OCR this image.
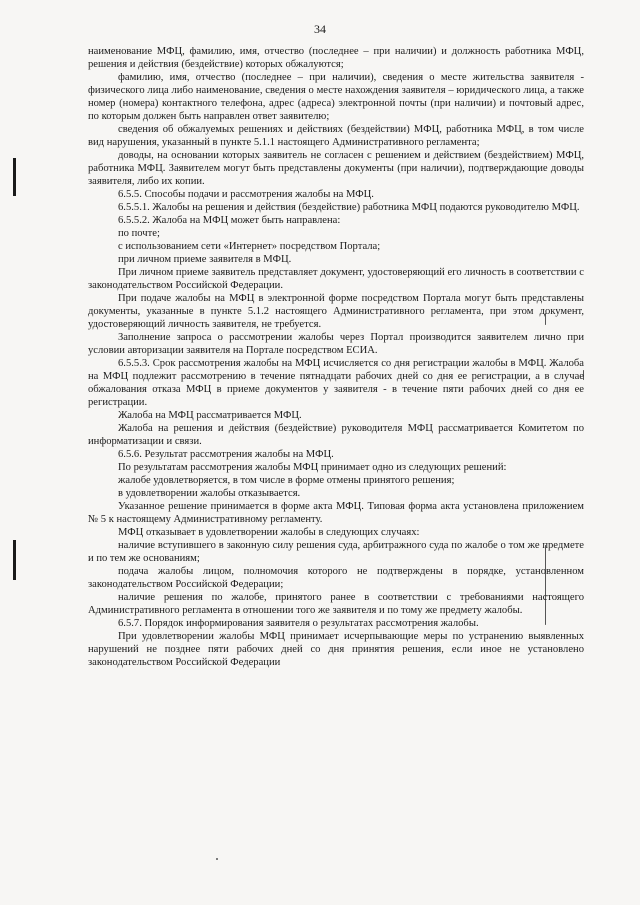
34

наименование МФЦ, фамилию, имя, отчество (последнее – при наличии) и должность работника МФЦ, решения и действия (бездействие) которых обжалуются;

фамилию, имя, отчество (последнее – при наличии), сведения о месте жительства заявителя - физического лица либо наименование, сведения о месте нахождения заявителя – юридического лица, а также номер (номера) контактного телефона, адрес (адреса) электронной почты (при наличии) и почтовый адрес, по которым должен быть направлен ответ заявителю;

сведения об обжалуемых решениях и действиях (бездействии) МФЦ, работника МФЦ, в том числе вид нарушения, указанный в пункте 5.1.1 настоящего Административного регламента;

доводы, на основании которых заявитель не согласен с решением и действием (бездействием) МФЦ, работника МФЦ. Заявителем могут быть представлены документы (при наличии), подтверждающие доводы заявителя, либо их копии.

6.5.5. Способы подачи и рассмотрения жалобы на МФЦ.

6.5.5.1. Жалобы на решения и действия (бездействие) работника МФЦ подаются руководителю МФЦ.

6.5.5.2. Жалоба на МФЦ может быть направлена:

по почте;

с использованием сети «Интернет» посредством Портала;

при личном приеме заявителя в МФЦ.

При личном приеме заявитель представляет документ, удостоверяющий его личность в соответствии с законодательством Российской Федерации.

При подаче жалобы на МФЦ в электронной форме посредством Портала могут быть представлены документы, указанные в пункте 5.1.2 настоящего Административного регламента, при этом документ, удостоверяющий личность заявителя, не требуется.

Заполнение запроса о рассмотрении жалобы через Портал производится заявителем лично при условии авторизации заявителя на Портале посредством ЕСИА.

6.5.5.3. Срок рассмотрения жалобы на МФЦ исчисляется со дня регистрации жалобы в МФЦ. Жалоба на МФЦ подлежит рассмотрению в течение пятнадцати рабочих дней со дня ее регистрации, а в случае обжалования отказа МФЦ в приеме документов у заявителя - в течение пяти рабочих дней со дня ее регистрации.

Жалоба на МФЦ рассматривается МФЦ.

Жалоба на решения и действия (бездействие) руководителя МФЦ рассматривается Комитетом по информатизации и связи.

6.5.6. Результат рассмотрения жалобы на МФЦ.

По результатам рассмотрения жалобы МФЦ принимает одно из следующих решений:

жалобе удовлетворяется, в том числе в форме отмены принятого решения;

в удовлетворении жалобы отказывается.

Указанное решение принимается в форме акта МФЦ. Типовая форма акта установлена приложением № 5 к настоящему Административному регламенту.

МФЦ отказывает в удовлетворении жалобы в следующих случаях:

наличие вступившего в законную силу решения суда, арбитражного суда по жалобе о том же предмете и по тем же основаниям;

подача жалобы лицом, полномочия которого не подтверждены в порядке, установленном законодательством Российской Федерации;

наличие решения по жалобе, принятого ранее в соответствии с требованиями настоящего Административного регламента в отношении того же заявителя и по тому же предмету жалобы.

6.5.7. Порядок информирования заявителя о результатах рассмотрения жалобы.

При удовлетворении жалобы МФЦ принимает исчерпывающие меры по устранению выявленных нарушений не позднее пяти рабочих дней со дня принятия решения, если иное не установлено законодательством Российской Федерации
